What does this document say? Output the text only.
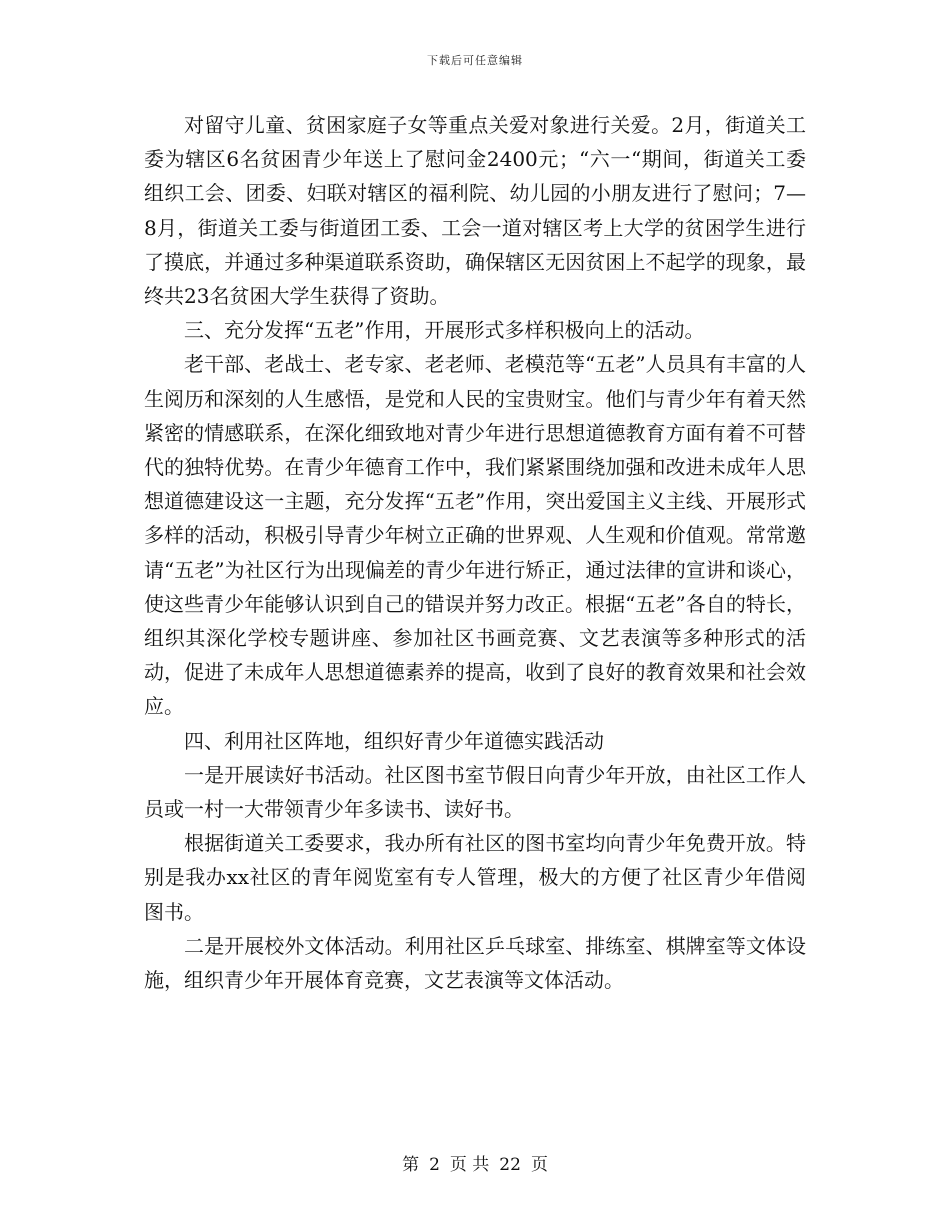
下载后可任意编辑

对留守儿童、贫困家庭子女等重点关爱对象进行关爱。2月，街道关工委为辖区6名贫困青少年送上了慰问金2400元；“六一“期间，街道关工委组织工会、团委、妇联对辖区的福利院、幼儿园的小朋友进行了慰问；7—8月，街道关工委与街道团工委、工会一道对辖区考上大学的贫困学生进行了摸底，并通过多种渠道联系资助，确保辖区无因贫困上不起学的现象，最终共23名贫困大学生获得了资助。

三、充分发挥“五老”作用，开展形式多样积极向上的活动。

老干部、老战士、老专家、老老师、老模范等“五老”人员具有丰富的人生阅历和深刻的人生感悟，是党和人民的宝贵财宝。他们与青少年有着天然紧密的情感联系，在深化细致地对青少年进行思想道德教育方面有着不可替代的独特优势。在青少年德育工作中，我们紧紧围绕加强和改进未成年人思想道德建设这一主题，充分发挥“五老”作用，突出爱国主义主线、开展形式多样的活动，积极引导青少年树立正确的世界观、人生观和价值观。常常邀请“五老”为社区行为出现偏差的青少年进行矫正，通过法律的宣讲和谈心，使这些青少年能够认识到自己的错误并努力改正。根据“五老”各自的特长，组织其深化学校专题讲座、参加社区书画竞赛、文艺表演等多种形式的活动，促进了未成年人思想道德素养的提高，收到了良好的教育效果和社会效应。

四、利用社区阵地，组织好青少年道德实践活动

一是开展读好书活动。社区图书室节假日向青少年开放，由社区工作人员或一村一大带领青少年多读书、读好书。

根据街道关工委要求，我办所有社区的图书室均向青少年免费开放。特别是我办xx社区的青年阅览室有专人管理，极大的方便了社区青少年借阅图书。

二是开展校外文体活动。利用社区乒乓球室、排练室、棋牌室等文体设施，组织青少年开展体育竞赛，文艺表演等文体活动。

第 2 页 共 22 页
